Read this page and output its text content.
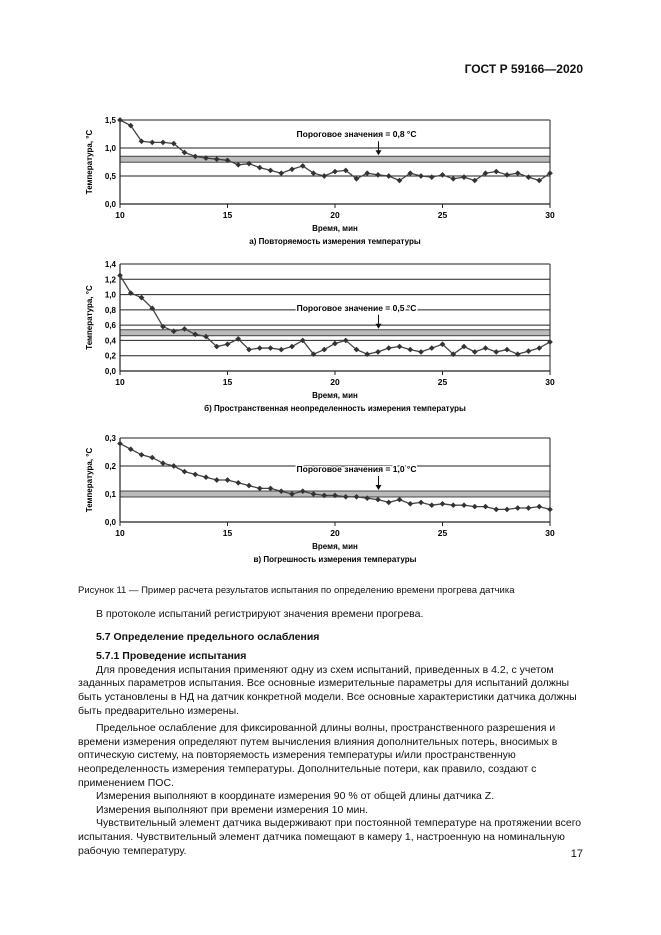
ГОСТ Р 59166—2020
0,0
0,5
1,0
1,5
10	15	20	25	30
Пороговое значения = 0,8 °С
Температура, °С
Время, мин
а) Повторяемость измерения температуры
0,0
0,2
0,4
0,6
0,8
1,0
1,2
1,4
10	15	20	25	30
Пороговое значение = 0,5 °С
Температура, °С
Время, мин
б) Пространственная неопределенность измерения температуры
0,0
0,1
0,2
0,3
10	15	20	25	30
Пороговое значения = 1,0 °С
Температура, °С
Время, мин
в) Погрешность измерения температуры
Рисунок 11 — Пример расчета результатов испытания по определению времени прогрева датчика

В протоколе испытаний регистрируют значения времени прогрева.

5.7 Определение предельного ослабления

5.7.1 Проведение испытания

Для проведения испытания применяют одну из схем испытаний, приведенных в 4.2, с учетом заданных параметров испытания. Все основные измерительные параметры для испытаний должны быть установлены в НД на датчик конкретной модели. Все основные характеристики датчика должны быть предварительно измерены.

Предельное ослабление для фиксированной длины волны, пространственного разрешения и времени измерения определяют путем вычисления влияния дополнительных потерь, вносимых в оптическую систему, на повторяемость измерения температуры и/или пространственную неопределенность измерения температуры. Дополнительные потери, как правило, создают с применением ПОС.

Измерения выполняют в координате измерения 90 % от общей длины датчика Z.

Измерения выполняют при времени измерения 10 мин.

Чувствительный элемент датчика выдерживают при постоянной температуре на протяжении всего испытания. Чувствительный элемент датчика помещают в камеру 1, настроенную на номинальную рабочую температуру.	17
